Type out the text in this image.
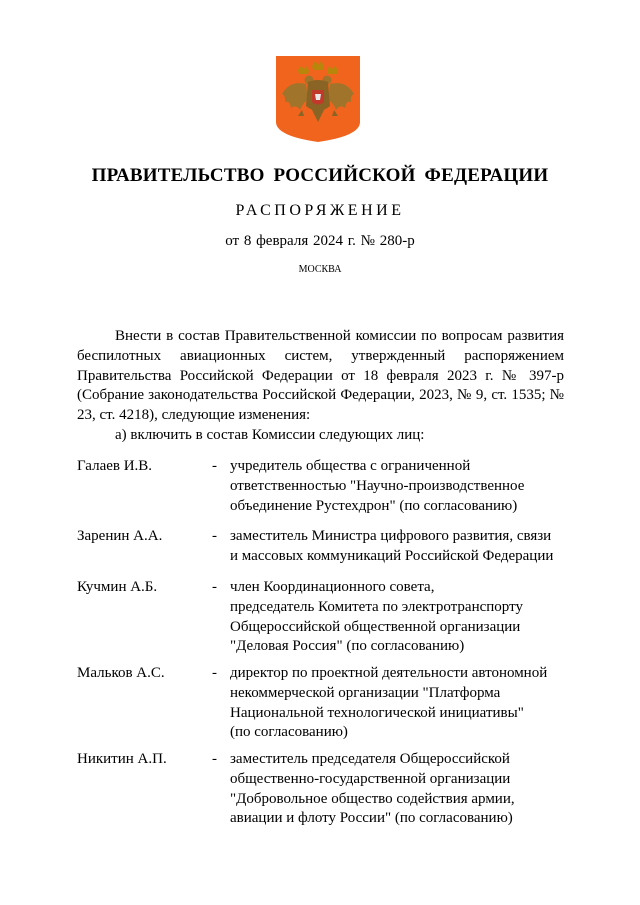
ПРАВИТЕЛЬСТВО РОССИЙСКОЙ ФЕДЕРАЦИИ
РАСПОРЯЖЕНИЕ
от 8 февраля 2024 г. № 280-р
МОСКВА

Внести в состав Правительственной комиссии по вопросам развития беспилотных авиационных систем, утвержденный распоряжением Правительства Российской Федерации от 18 февраля 2023 г. № 397-р (Собрание законодательства Российской Федерации, 2023, № 9, ст. 1535; № 23, ст. 4218), следующие изменения:

а) включить в состав Комиссии следующих лиц:

Галаев И.В.	- учредитель общества с ограниченной
ответственностью "Научно-производственное
объединение Рустехдрон" (по согласованию)
Заренин А.А.	- заместитель Министра цифрового развития, связи
и массовых коммуникаций Российской Федерации
Кучмин А.Б.	- член Координационного совета,
председатель Комитета по электротранспорту
Общероссийской общественной организации
"Деловая Россия" (по согласованию)
Мальков А.С.	- директор по проектной деятельности автономной
некоммерческой организации "Платформа
Национальной технологической инициативы"
(по согласованию)
Никитин А.П.	- заместитель председателя Общероссийской
общественно-государственной организации
"Добровольное общество содействия армии,
авиации и флоту России" (по согласованию)
